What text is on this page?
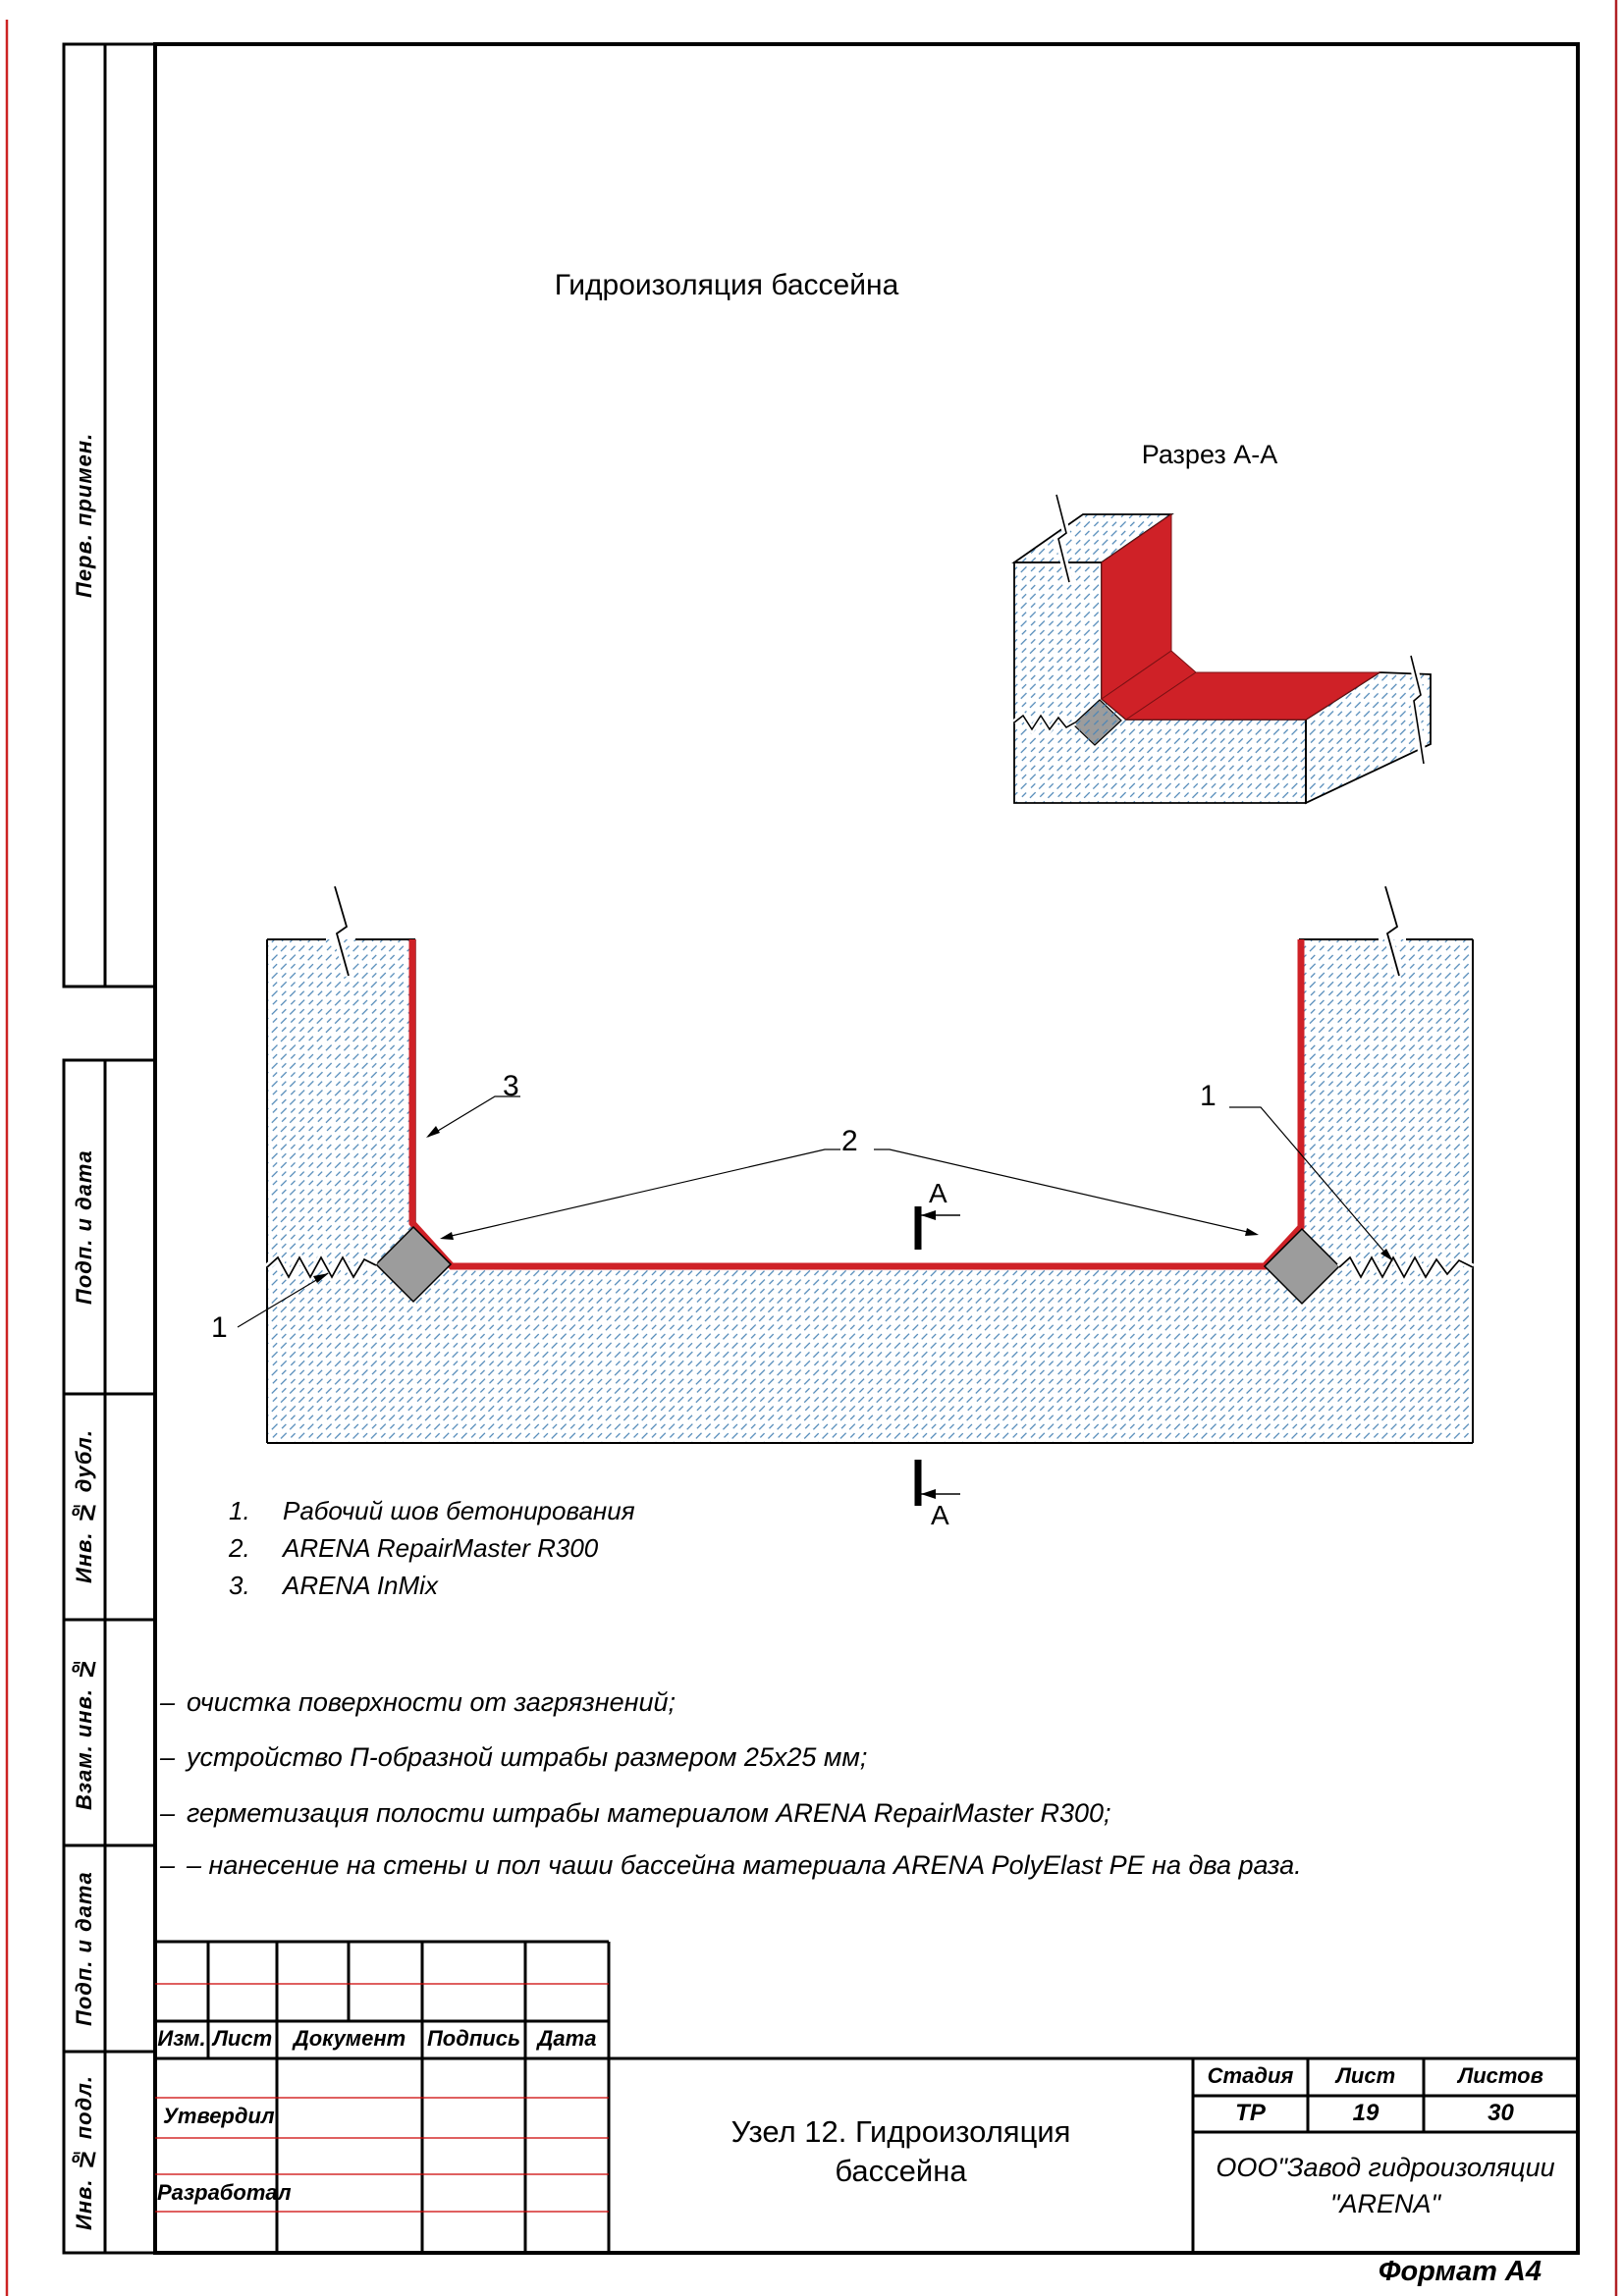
Гидроизоляция бассейна
Разрез А-А
1
3
2
1
А
А
1. Рабочий шов бетонирования
2. ARENA RepairMaster R300
3. ARENA InMix
– очистка поверхности от загрязнений;
– устройство П-образной штрабы размером 25х25 мм;
– герметизация полости штрабы материалом ARENA RepairMaster R300;
– – нанесение на стены и пол чаши бассейна материала ARENA PolyElast PE на два раза.
Перв. примен.
Подп. и дата
Инв. № дубл.
Взам. инв. №
Подп. и дата
Инв. № подл.
Изм. Лист Документ Подпись Дата
Утвердил
Разработал
Узел 12. Гидроизоляция
бассейна
Стадия	Лист	Листов
ТР	19	30
ООО"Завод гидроизоляции
"ARENA"
Формат А4
